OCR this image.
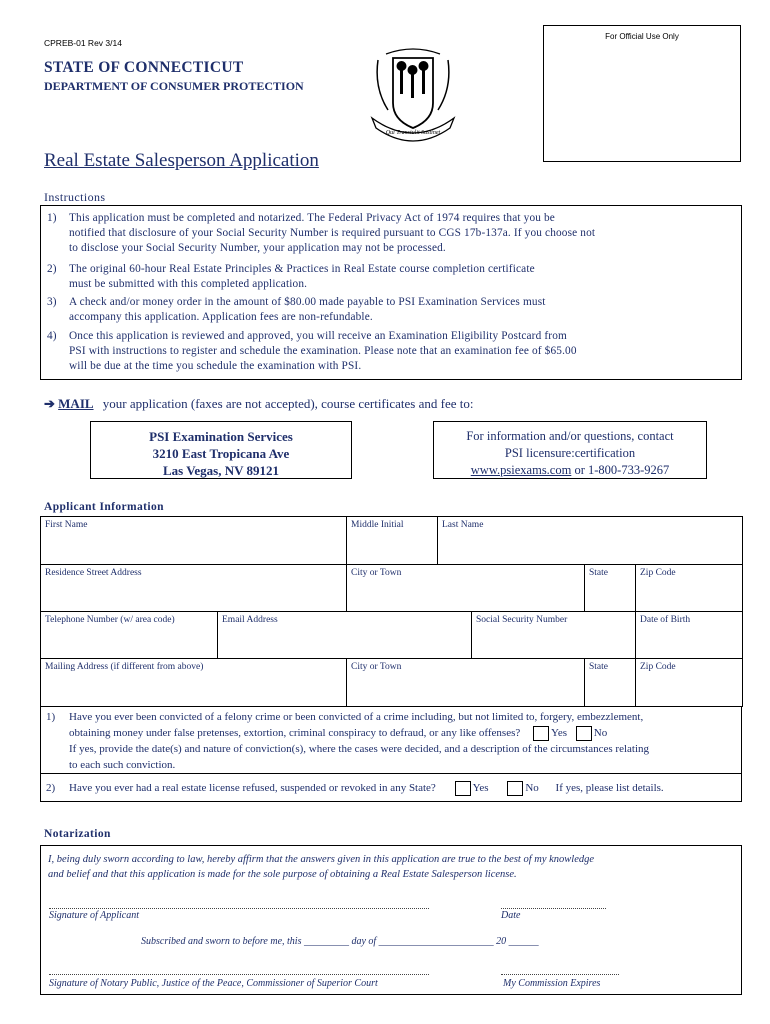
CPREB-01 Rev 3/14
For Official Use Only
STATE OF CONNECTICUT
DEPARTMENT OF CONSUMER PROTECTION
Qui Transtulit Sustinet
Real Estate Salesperson Application
Instructions
1) This application must be completed and notarized. The Federal Privacy Act of 1974 requires that you be
notified that disclosure of your Social Security Number is required pursuant to CGS 17b-137a. If you choose not
to disclose your Social Security Number, your application may not be processed.
2) The original 60-hour Real Estate Principles & Practices in Real Estate course completion certificate
must be submitted with this completed application.
3) A check and/or money order in the amount of $80.00 made payable to PSI Examination Services must
accompany this application. Application fees are non-refundable.
4) Once this application is reviewed and approved, you will receive an Examination Eligibility Postcard from
PSI with instructions to register and schedule the examination. Please note that an examination fee of $65.00
will be due at the time you schedule the examination with PSI.
➔ MAIL your application (faxes are not accepted), course certificates and fee to:
PSI Examination Services
3210 East Tropicana Ave
Las Vegas, NV 89121
For information and/or questions, contact
PSI licensure:certification
www.psiexams.com or 1-800-733-9267
Applicant Information
First Name	Middle Initial	Last Name
Residence Street Address	City or Town	State	Zip Code
Telephone Number (w/ area code)	Email Address	Social Security Number	Date of Birth
Mailing Address (if different from above)	City or Town	State	Zip Code
1) Have you ever been convicted of a felony crime or been convicted of a crime including, but not limited to, forgery, embezzlement,
obtaining money under false pretenses, extortion, criminal conspiracy to defraud, or any like offenses?	Yes No
If yes, provide the date(s) and nature of conviction(s), where the cases were decided, and a description of the circumstances relating
to each such conviction.
2) Have you ever had a real estate license refused, suspended or revoked in any State?	Yes	No If yes, please list details.
Notarization
I, being duly sworn according to law, hereby affirm that the answers given in this application are true to the best of my knowledge
and belief and that this application is made for the sole purpose of obtaining a Real Estate Salesperson license.
Signature of Applicant	Date
Subscribed and sworn to before me, this _________ day of _______________________ 20 ______
Signature of Notary Public, Justice of the Peace, Commissioner of Superior Court	My Commission Expires
